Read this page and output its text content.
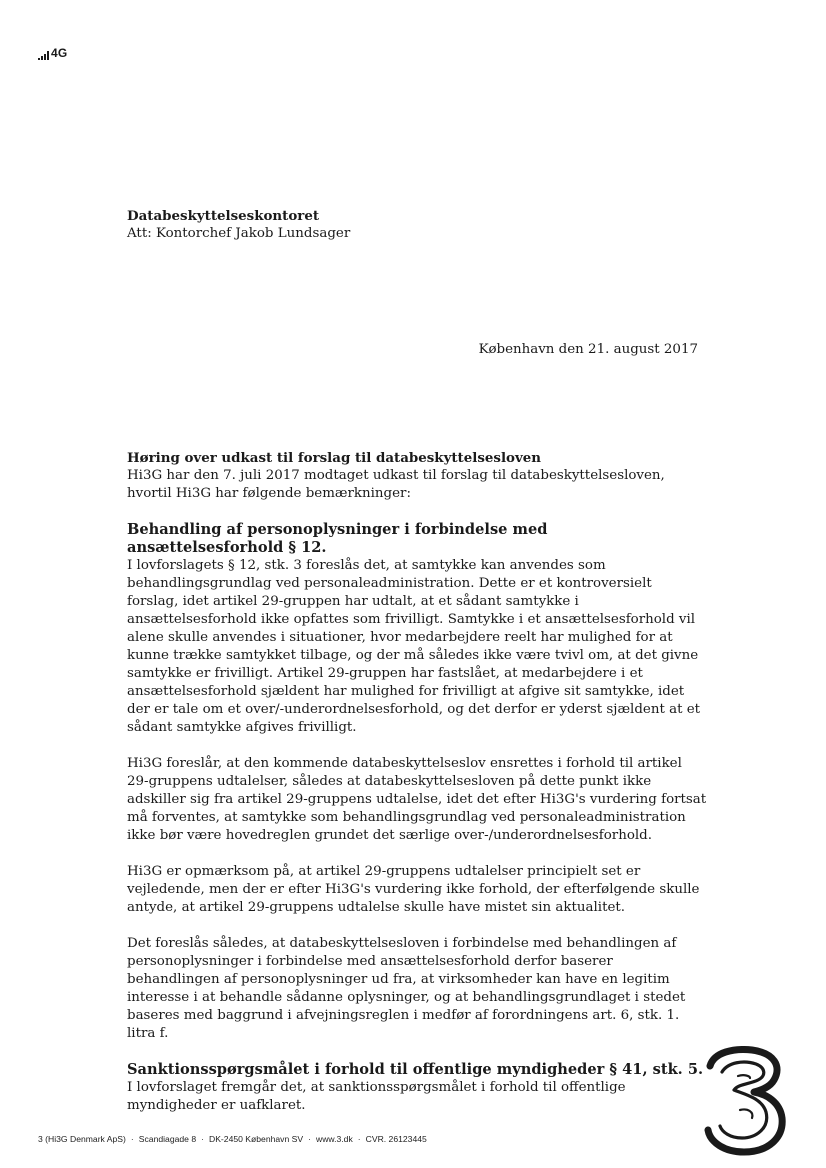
4G
Databeskyttelseskontoret
Att: Kontorchef Jakob Lundsager
København den 21. august 2017
Høring over udkast til forslag til databeskyttelsesloven

Hi3G har den 7. juli 2017 modtaget udkast til forslag til databeskyttelsesloven, hvortil Hi3G har følgende bemærkninger:

Behandling af personoplysninger i forbindelse med ansættelsesforhold § 12.

I lovforslagets § 12, stk. 3 foreslås det, at samtykke kan anvendes som behandlingsgrundlag ved personaleadministration. Dette er et kontroversielt forslag, idet artikel 29-gruppen har udtalt, at et sådant samtykke i ansættelsesforhold ikke opfattes som frivilligt. Samtykke i et ansættelsesforhold vil alene skulle anvendes i situationer, hvor medarbejdere reelt har mulighed for at kunne trække samtykket tilbage, og der må således ikke være tvivl om, at det givne samtykke er frivilligt. Artikel 29-gruppen har fastslået, at medarbejdere i et ansættelsesforhold sjældent har mulighed for frivilligt at afgive sit samtykke, idet der er tale om et over/-underordnelsesforhold, og det derfor er yderst sjældent at et sådant samtykke afgives frivilligt.

Hi3G foreslår, at den kommende databeskyttelseslov ensrettes i forhold til artikel 29-gruppens udtalelser, således at databeskyttelsesloven på dette punkt ikke adskiller sig fra artikel 29-gruppens udtalelse, idet det efter Hi3G's vurdering fortsat må forventes, at samtykke som behandlingsgrundlag ved personaleadministration ikke bør være hovedreglen grundet det særlige over-/underordnelsesforhold.

Hi3G er opmærksom på, at artikel 29-gruppens udtalelser principielt set er vejledende, men der er efter Hi3G's vurdering ikke forhold, der efterfølgende skulle antyde, at artikel 29-gruppens udtalelse skulle have mistet sin aktualitet.

Det foreslås således, at databeskyttelsesloven i forbindelse med behandlingen af personoplysninger i forbindelse med ansættelsesforhold derfor baserer behandlingen af personoplysninger ud fra, at virksomheder kan have en legitim interesse i at behandle sådanne oplysninger, og at behandlingsgrundlaget i stedet baseres med baggrund i afvejningsreglen i medfør af forordningens art. 6, stk. 1. litra f.

Sanktionsspørgsmålet i forhold til offentlige myndigheder § 41, stk. 5.

I lovforslaget fremgår det, at sanktionsspørgsmålet i forhold til offentlige myndigheder er uafklaret.

3 (Hi3G Denmark ApS) · Scandiagade 8 · DK-2450 København SV · www.3.dk · CVR. 26123445
